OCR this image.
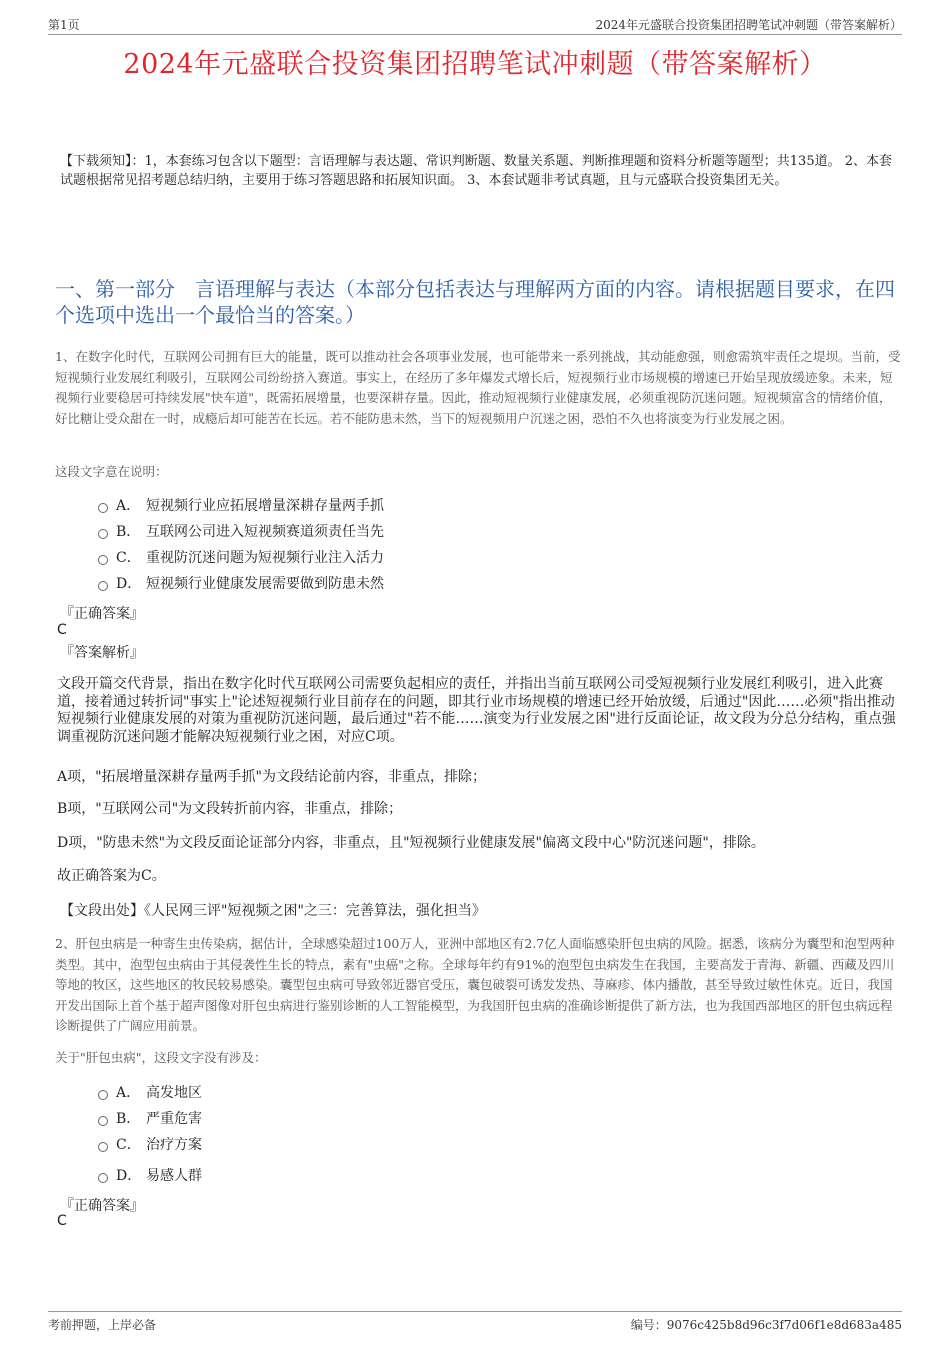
第1页	2024年元盛联合投资集团招聘笔试冲刺题（带答案解析）
2024年元盛联合投资集团招聘笔试冲刺题（带答案解析）
【下载须知】：1，本套练习包含以下题型：言语理解与表达题、常识判断题、数量关系题、判断推理题和资料分析题等题型；共135道。 2、本套试题根据常见招考题总结归纳，主要用于练习答题思路和拓展知识面。 3、本套试题非考试真题，且与元盛联合投资集团无关。
一、第一部分　言语理解与表达（本部分包括表达与理解两方面的内容。请根据题目要求，在四个选项中选出一个最恰当的答案。）
1、在数字化时代，互联网公司拥有巨大的能量，既可以推动社会各项事业发展，也可能带来一系列挑战，其动能愈强，则愈需筑牢责任之堤坝。当前，受短视频行业发展红利吸引，互联网公司纷纷挤入赛道。事实上，在经历了多年爆发式增长后，短视频行业市场规模的增速已开始呈现放缓迹象。未来，短视频行业要稳居可持续发展"快车道"，既需拓展增量，也要深耕存量。因此，推动短视频行业健康发展，必须重视防沉迷问题。短视频富含的情绪价值，好比糖让受众甜在一时，成瘾后却可能苦在长远。若不能防患未然，当下的短视频用户沉迷之困，恐怕不久也将演变为行业发展之困。
这段文字意在说明：
A． 短视频行业应拓展增量深耕存量两手抓
B． 互联网公司进入短视频赛道须责任当先
C． 重视防沉迷问题为短视频行业注入活力
D． 短视频行业健康发展需要做到防患未然
『正确答案』
C
『答案解析』
文段开篇交代背景，指出在数字化时代互联网公司需要负起相应的责任，并指出当前互联网公司受短视频行业发展红利吸引，进入此赛道，接着通过转折词"事实上"论述短视频行业目前存在的问题，即其行业市场规模的增速已经开始放缓，后通过"因此……必须"指出推动短视频行业健康发展的对策为重视防沉迷问题，最后通过"若不能……演变为行业发展之困"进行反面论证，故文段为分总分结构，重点强调重视防沉迷问题才能解决短视频行业之困，对应C项。
A项，"拓展增量深耕存量两手抓"为文段结论前内容，非重点，排除；
B项，"互联网公司"为文段转折前内容，非重点，排除；
D项，"防患未然"为文段反面论证部分内容，非重点，且"短视频行业健康发展"偏离文段中心"防沉迷问题"，排除。
故正确答案为C。
【文段出处】《人民网三评"短视频之困"之三：完善算法，强化担当》
2、肝包虫病是一种寄生虫传染病，据估计，全球感染超过100万人，亚洲中部地区有2.7亿人面临感染肝包虫病的风险。据悉，该病分为囊型和泡型两种类型。其中，泡型包虫病由于其侵袭性生长的特点，素有"虫癌"之称。全球每年约有91%的泡型包虫病发生在我国，主要高发于青海、新疆、西藏及四川等地的牧区，这些地区的牧民较易感染。囊型包虫病可导致邻近器官受压，囊包破裂可诱发发热、荨麻疹、体内播散，甚至导致过敏性休克。近日，我国开发出国际上首个基于超声图像对肝包虫病进行鉴别诊断的人工智能模型，为我国肝包虫病的准确诊断提供了新方法，也为我国西部地区的肝包虫病远程诊断提供了广阔应用前景。
关于"肝包虫病"，这段文字没有涉及：
A． 高发地区
B． 严重危害
C． 治疗方案
D． 易感人群
『正确答案』
C
考前押题，上岸必备	编号：9076c425b8d96c3f7d06f1e8d683a485
